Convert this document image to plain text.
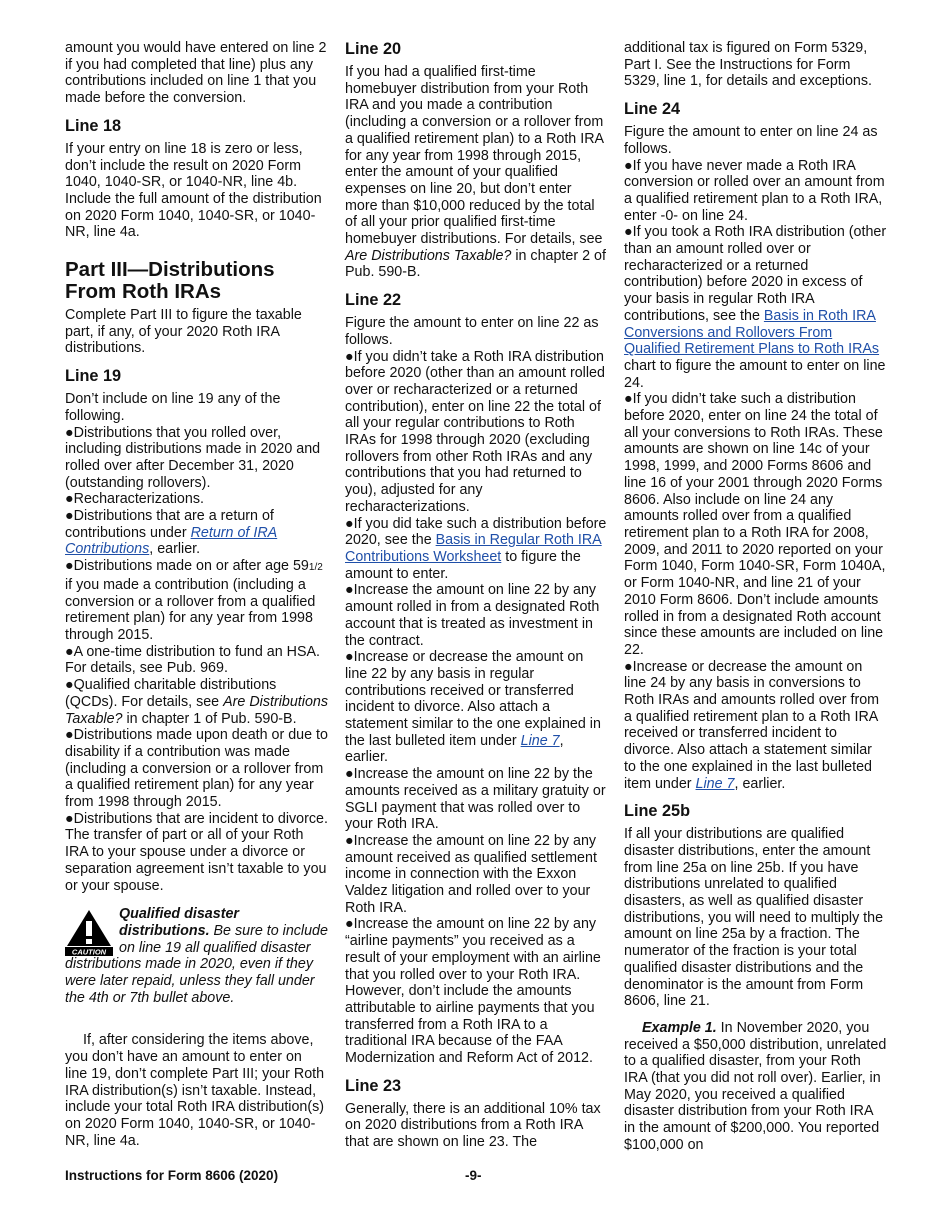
amount you would have entered on line 2 if you had completed that line) plus any contributions included on line 1 that you made before the conversion.

Line 18

If your entry on line 18 is zero or less, don’t include the result on 2020 Form 1040, 1040-SR, or 1040-NR, line 4b. Include the full amount of the distribution on 2020 Form 1040, 1040-SR, or 1040-NR, line 4a.

Part III—Distributions From Roth IRAs

Complete Part III to figure the taxable part, if any, of your 2020 Roth IRA distributions.

Line 19

Don’t include on line 19 any of the following.

●Distributions that you rolled over, including distributions made in 2020 and rolled over after December 31, 2020 (outstanding rollovers).
●Recharacterizations.
●Distributions that are a return of contributions under Return of IRA Contributions, earlier.
●Distributions made on or after age 591/2 if you made a contribution (including a conversion or a rollover from a qualified retirement plan) for any year from 1998 through 2015.
●A one-time distribution to fund an HSA. For details, see Pub. 969.
●Qualified charitable distributions (QCDs). For details, see Are Distributions Taxable? in chapter 1 of Pub. 590-B.
●Distributions made upon death or due to disability if a contribution was made (including a conversion or a rollover from a qualified retirement plan) for any year from 1998 through 2015.
●Distributions that are incident to divorce. The transfer of part or all of your Roth IRA to your spouse under a divorce or separation agreement isn’t taxable to you or your spouse.
CAUTION
Qualified disaster distributions. Be sure to include on line 19 all qualified disaster distributions made in 2020, even if they were later repaid, unless they fall under the 4th or 7th bullet above.

If, after considering the items above, you don’t have an amount to enter on line 19, don’t complete Part III; your Roth IRA distribution(s) isn’t taxable. Instead, include your total Roth IRA distribution(s) on 2020 Form 1040, 1040-SR, or 1040-NR, line 4a.

Line 20

If you had a qualified first-time homebuyer distribution from your Roth IRA and you made a contribution (including a conversion or a rollover from a qualified retirement plan) to a Roth IRA for any year from 1998 through 2015, enter the amount of your qualified expenses on line 20, but don’t enter more than $10,000 reduced by the total of all your prior qualified first-time homebuyer distributions. For details, see Are Distributions Taxable? in chapter 2 of Pub. 590-B.

Line 22

Figure the amount to enter on line 22 as follows.

●If you didn’t take a Roth IRA distribution before 2020 (other than an amount rolled over or recharacterized or a returned contribution), enter on line 22 the total of all your regular contributions to Roth IRAs for 1998 through 2020 (excluding rollovers from other Roth IRAs and any contributions that you had returned to you), adjusted for any recharacterizations.
●If you did take such a distribution before 2020, see the Basis in Regular Roth IRA Contributions Worksheet to figure the amount to enter.
●Increase the amount on line 22 by any amount rolled in from a designated Roth account that is treated as investment in the contract.
●Increase or decrease the amount on line 22 by any basis in regular contributions received or transferred incident to divorce. Also attach a statement similar to the one explained in the last bulleted item under Line 7, earlier.
●Increase the amount on line 22 by the amounts received as a military gratuity or SGLI payment that was rolled over to your Roth IRA.
●Increase the amount on line 22 by any amount received as qualified settlement income in connection with the Exxon Valdez litigation and rolled over to your Roth IRA.
●Increase the amount on line 22 by any “airline payments” you received as a result of your employment with an airline that you rolled over to your Roth IRA. However, don’t include the amounts attributable to airline payments that you transferred from a Roth IRA to a traditional IRA because of the FAA Modernization and Reform Act of 2012.
Line 23

Generally, there is an additional 10% tax on 2020 distributions from a Roth IRA that are shown on line 23. The

additional tax is figured on Form 5329, Part I. See the Instructions for Form 5329, line 1, for details and exceptions.

Line 24

Figure the amount to enter on line 24 as follows.

●If you have never made a Roth IRA conversion or rolled over an amount from a qualified retirement plan to a Roth IRA, enter -0- on line 24.
●If you took a Roth IRA distribution (other than an amount rolled over or recharacterized or a returned contribution) before 2020 in excess of your basis in regular Roth IRA contributions, see the Basis in Roth IRA Conversions and Rollovers From Qualified Retirement Plans to Roth IRAs chart to figure the amount to enter on line 24.
●If you didn’t take such a distribution before 2020, enter on line 24 the total of all your conversions to Roth IRAs. These amounts are shown on line 14c of your 1998, 1999, and 2000 Forms 8606 and line 16 of your 2001 through 2020 Forms 8606. Also include on line 24 any amounts rolled over from a qualified retirement plan to a Roth IRA for 2008, 2009, and 2011 to 2020 reported on your Form 1040, Form 1040-SR, Form 1040A, or Form 1040-NR, and line 21 of your 2010 Form 8606. Don’t include amounts rolled in from a designated Roth account since these amounts are included on line 22.
●Increase or decrease the amount on line 24 by any basis in conversions to Roth IRAs and amounts rolled over from a qualified retirement plan to a Roth IRA received or transferred incident to divorce. Also attach a statement similar to the one explained in the last bulleted item under Line 7, earlier.
Line 25b

If all your distributions are qualified disaster distributions, enter the amount from line 25a on line 25b. If you have distributions unrelated to qualified disasters, as well as qualified disaster distributions, you will need to multiply the amount on line 25a by a fraction. The numerator of the fraction is your total qualified disaster distributions and the denominator is the amount from Form 8606, line 21.

Example 1. In November 2020, you received a $50,000 distribution, unrelated to a qualified disaster, from your Roth IRA (that you did not roll over). Earlier, in May 2020, you received a qualified disaster distribution from your Roth IRA in the amount of $200,000. You reported $100,000 on

Instructions for Form 8606 (2020)	-9-
